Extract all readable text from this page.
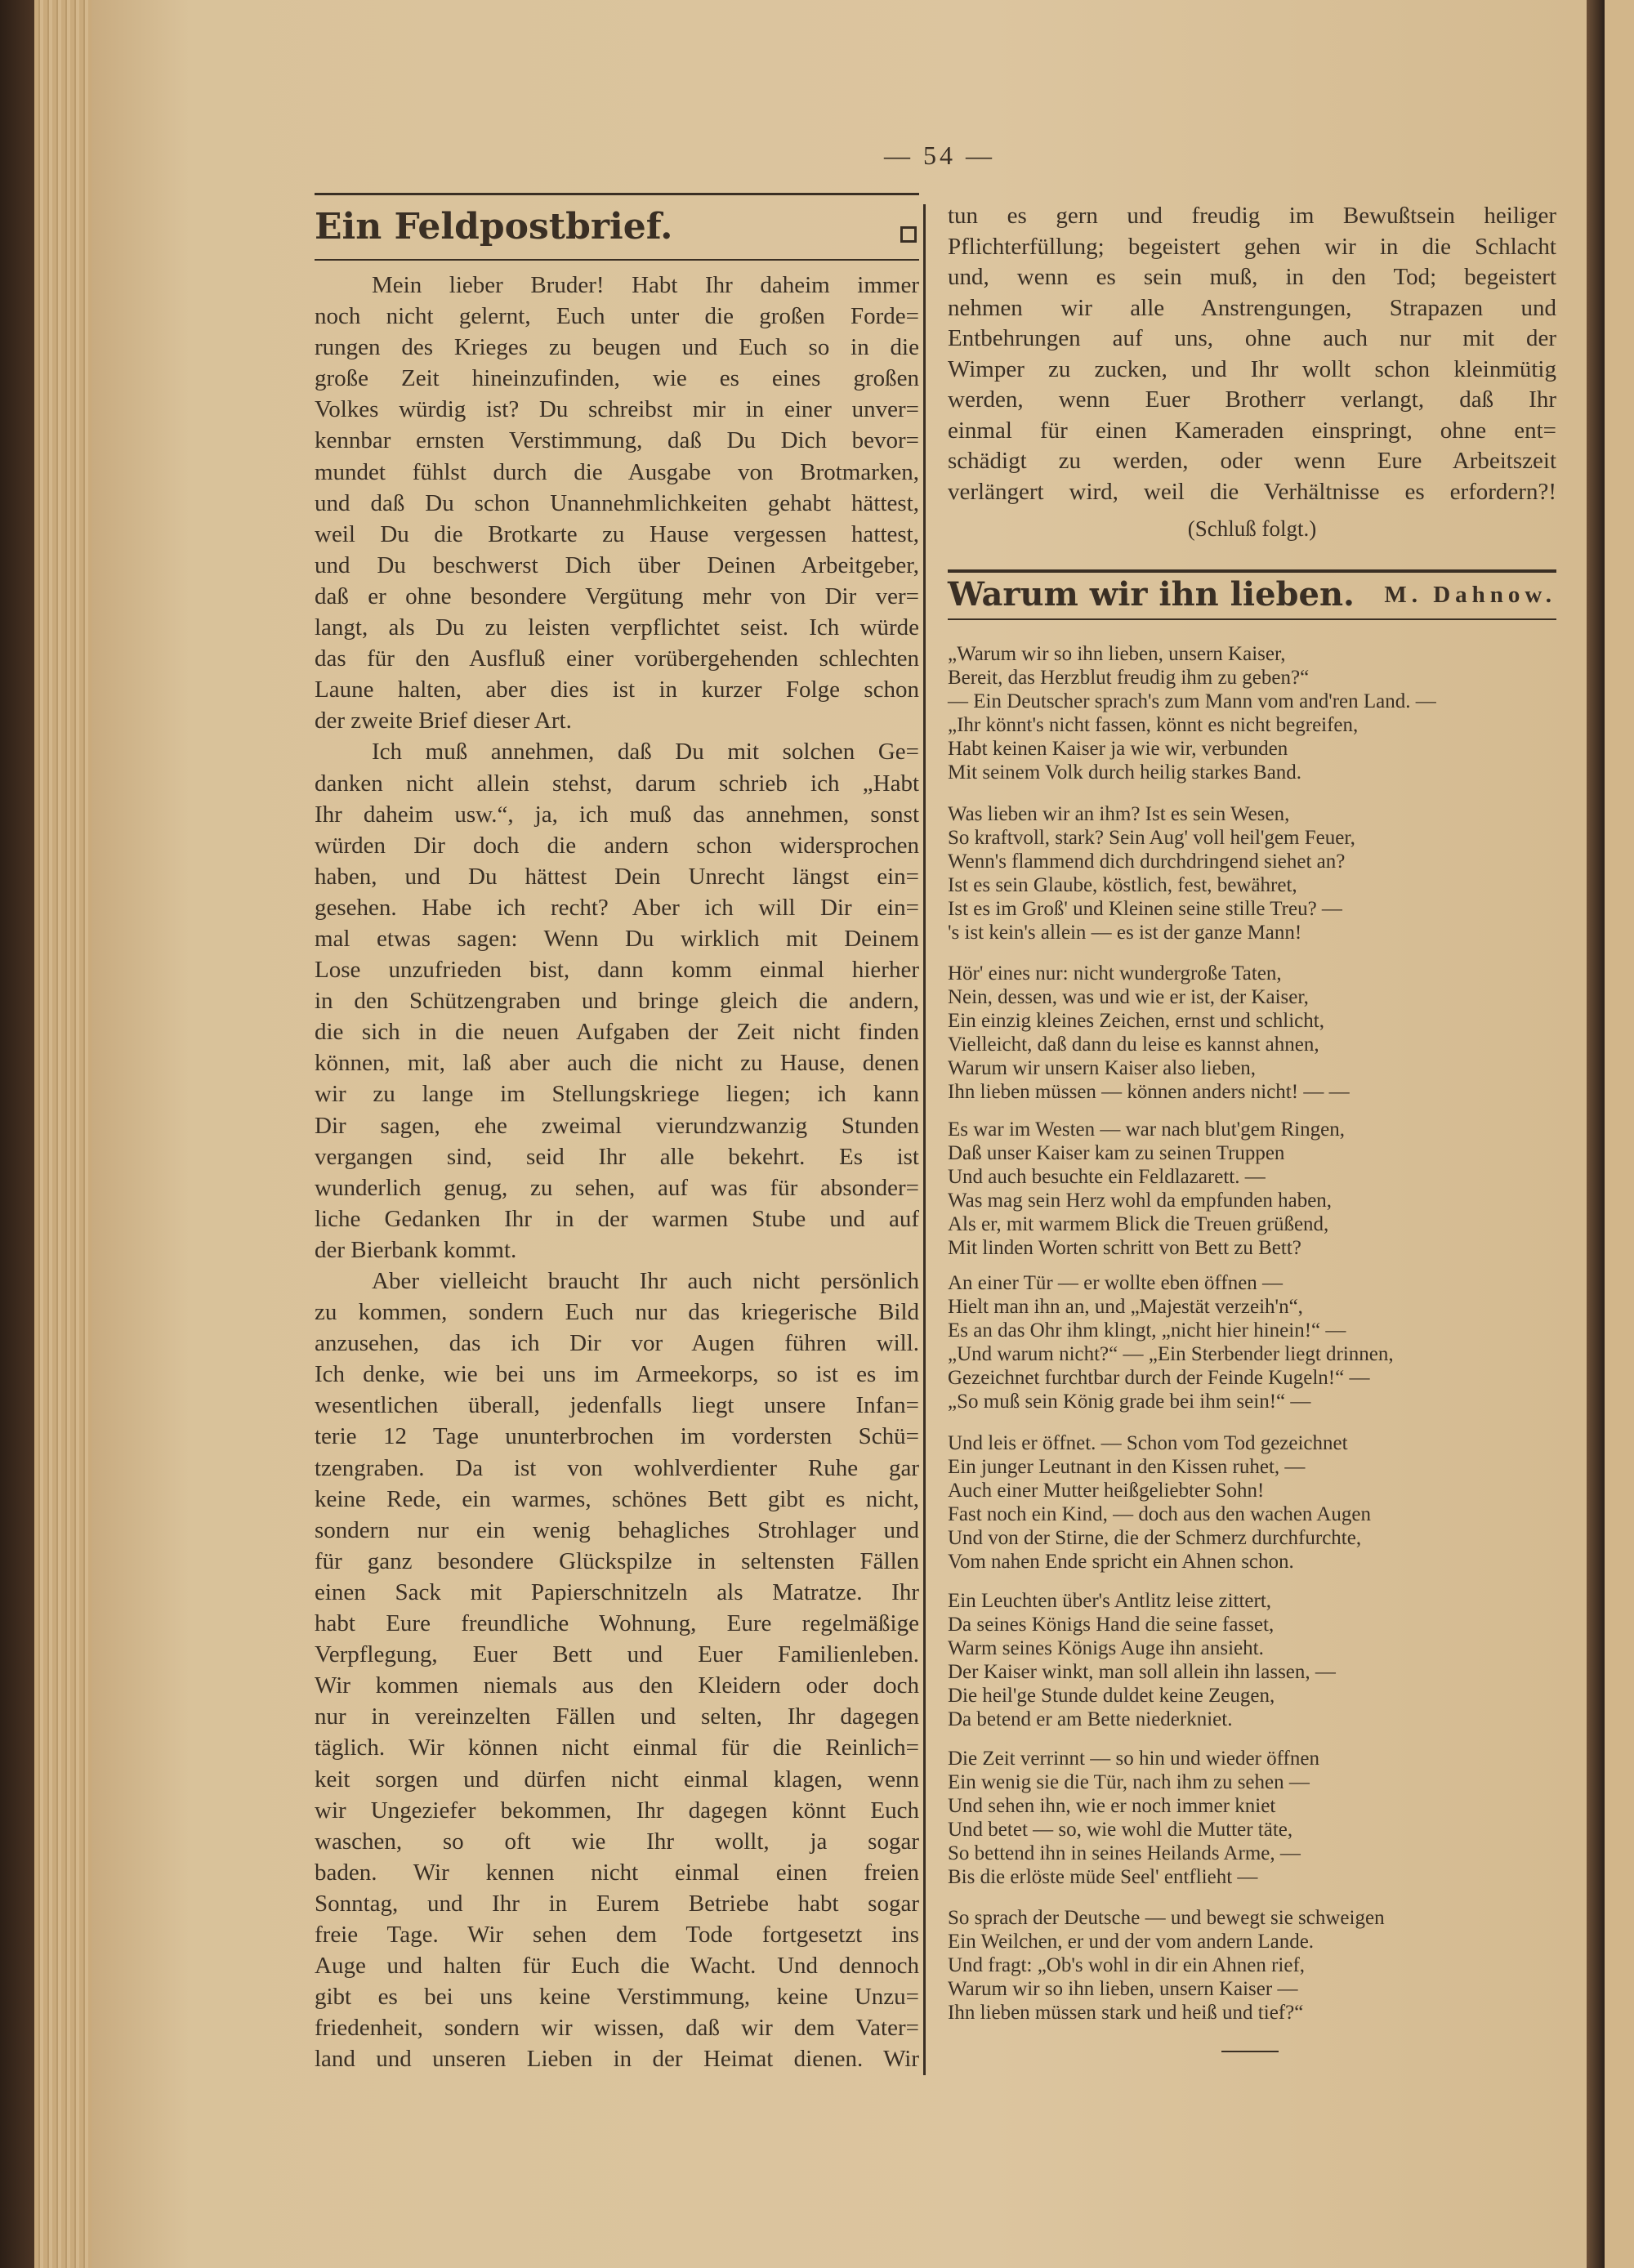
— 54 —
Ein Feldpostbrief.
Mein lieber Bruder! Habt Ihr daheim immer
noch nicht gelernt, Euch unter die großen Forde=
rungen des Krieges zu beugen und Euch so in die
große Zeit hineinzufinden, wie es eines großen
Volkes würdig ist? Du schreibst mir in einer unver=
kennbar ernsten Verstimmung, daß Du Dich bevor=
mundet fühlst durch die Ausgabe von Brotmarken,
und daß Du schon Unannehmlichkeiten gehabt hättest,
weil Du die Brotkarte zu Hause vergessen hattest,
und Du beschwerst Dich über Deinen Arbeitgeber,
daß er ohne besondere Vergütung mehr von Dir ver=
langt, als Du zu leisten verpflichtet seist. Ich würde
das für den Ausfluß einer vorübergehenden schlechten
Laune halten, aber dies ist in kurzer Folge schon
der zweite Brief dieser Art.
Ich muß annehmen, daß Du mit solchen Ge=
danken nicht allein stehst, darum schrieb ich „Habt
Ihr daheim usw.“, ja, ich muß das annehmen, sonst
würden Dir doch die andern schon widersprochen
haben, und Du hättest Dein Unrecht längst ein=
gesehen. Habe ich recht? Aber ich will Dir ein=
mal etwas sagen: Wenn Du wirklich mit Deinem
Lose unzufrieden bist, dann komm einmal hierher
in den Schützengraben und bringe gleich die andern,
die sich in die neuen Aufgaben der Zeit nicht finden
können, mit, laß aber auch die nicht zu Hause, denen
wir zu lange im Stellungskriege liegen; ich kann
Dir sagen, ehe zweimal vierundzwanzig Stunden
vergangen sind, seid Ihr alle bekehrt. Es ist
wunderlich genug, zu sehen, auf was für absonder=
liche Gedanken Ihr in der warmen Stube und auf
der Bierbank kommt.
Aber vielleicht braucht Ihr auch nicht persönlich
zu kommen, sondern Euch nur das kriegerische Bild
anzusehen, das ich Dir vor Augen führen will.
Ich denke, wie bei uns im Armeekorps, so ist es im
wesentlichen überall, jedenfalls liegt unsere Infan=
terie 12 Tage ununterbrochen im vordersten Schü=
tzengraben. Da ist von wohlverdienter Ruhe gar
keine Rede, ein warmes, schönes Bett gibt es nicht,
sondern nur ein wenig behagliches Strohlager und
für ganz besondere Glückspilze in seltensten Fällen
einen Sack mit Papierschnitzeln als Matratze. Ihr
habt Eure freundliche Wohnung, Eure regelmäßige
Verpflegung, Euer Bett und Euer Familienleben.
Wir kommen niemals aus den Kleidern oder doch
nur in vereinzelten Fällen und selten, Ihr dagegen
täglich. Wir können nicht einmal für die Reinlich=
keit sorgen und dürfen nicht einmal klagen, wenn
wir Ungeziefer bekommen, Ihr dagegen könnt Euch
waschen, so oft wie Ihr wollt, ja sogar
baden. Wir kennen nicht einmal einen freien
Sonntag, und Ihr in Eurem Betriebe habt sogar
freie Tage. Wir sehen dem Tode fortgesetzt ins
Auge und halten für Euch die Wacht. Und dennoch
gibt es bei uns keine Verstimmung, keine Unzu=
friedenheit, sondern wir wissen, daß wir dem Vater=
land und unseren Lieben in der Heimat dienen. Wir
tun es gern und freudig im Bewußtsein heiliger
Pflichterfüllung; begeistert gehen wir in die Schlacht
und, wenn es sein muß, in den Tod; begeistert
nehmen wir alle Anstrengungen, Strapazen und
Entbehrungen auf uns, ohne auch nur mit der
Wimper zu zucken, und Ihr wollt schon kleinmütig
werden, wenn Euer Brotherr verlangt, daß Ihr
einmal für einen Kameraden einspringt, ohne ent=
schädigt zu werden, oder wenn Eure Arbeitszeit
verlängert wird, weil die Verhältnisse es erfordern?!
(Schluß folgt.)
Warum wir ihn lieben. M. Dahnow.
„Warum wir so ihn lieben, unsern Kaiser,
Bereit, das Herzblut freudig ihm zu geben?“
— Ein Deutscher sprach's zum Mann vom and'ren Land. —
„Ihr könnt's nicht fassen, könnt es nicht begreifen,
Habt keinen Kaiser ja wie wir, verbunden
Mit seinem Volk durch heilig starkes Band.
Was lieben wir an ihm? Ist es sein Wesen,
So kraftvoll, stark? Sein Aug' voll heil'gem Feuer,
Wenn's flammend dich durchdringend siehet an?
Ist es sein Glaube, köstlich, fest, bewähret,
Ist es im Groß' und Kleinen seine stille Treu? —
's ist kein's allein — es ist der ganze Mann!
Hör' eines nur: nicht wundergroße Taten,
Nein, dessen, was und wie er ist, der Kaiser,
Ein einzig kleines Zeichen, ernst und schlicht,
Vielleicht, daß dann du leise es kannst ahnen,
Warum wir unsern Kaiser also lieben,
Ihn lieben müssen — können anders nicht! — —
Es war im Westen — war nach blut'gem Ringen,
Daß unser Kaiser kam zu seinen Truppen
Und auch besuchte ein Feldlazarett. —
Was mag sein Herz wohl da empfunden haben,
Als er, mit warmem Blick die Treuen grüßend,
Mit linden Worten schritt von Bett zu Bett?
An einer Tür — er wollte eben öffnen —
Hielt man ihn an, und „Majestät verzeih'n“,
Es an das Ohr ihm klingt, „nicht hier hinein!“ —
„Und warum nicht?“ — „Ein Sterbender liegt drinnen,
Gezeichnet furchtbar durch der Feinde Kugeln!“ —
„So muß sein König grade bei ihm sein!“ —
Und leis er öffnet. — Schon vom Tod gezeichnet
Ein junger Leutnant in den Kissen ruhet, —
Auch einer Mutter heißgeliebter Sohn!
Fast noch ein Kind, — doch aus den wachen Augen
Und von der Stirne, die der Schmerz durchfurchte,
Vom nahen Ende spricht ein Ahnen schon.
Ein Leuchten über's Antlitz leise zittert,
Da seines Königs Hand die seine fasset,
Warm seines Königs Auge ihn ansieht.
Der Kaiser winkt, man soll allein ihn lassen, —
Die heil'ge Stunde duldet keine Zeugen,
Da betend er am Bette niederkniet.
Die Zeit verrinnt — so hin und wieder öffnen
Ein wenig sie die Tür, nach ihm zu sehen —
Und sehen ihn, wie er noch immer kniet
Und betet — so, wie wohl die Mutter täte,
So bettend ihn in seines Heilands Arme, —
Bis die erlöste müde Seel' entflieht —
So sprach der Deutsche — und bewegt sie schweigen
Ein Weilchen, er und der vom andern Lande.
Und fragt: „Ob's wohl in dir ein Ahnen rief,
Warum wir so ihn lieben, unsern Kaiser —
Ihn lieben müssen stark und heiß und tief?“
